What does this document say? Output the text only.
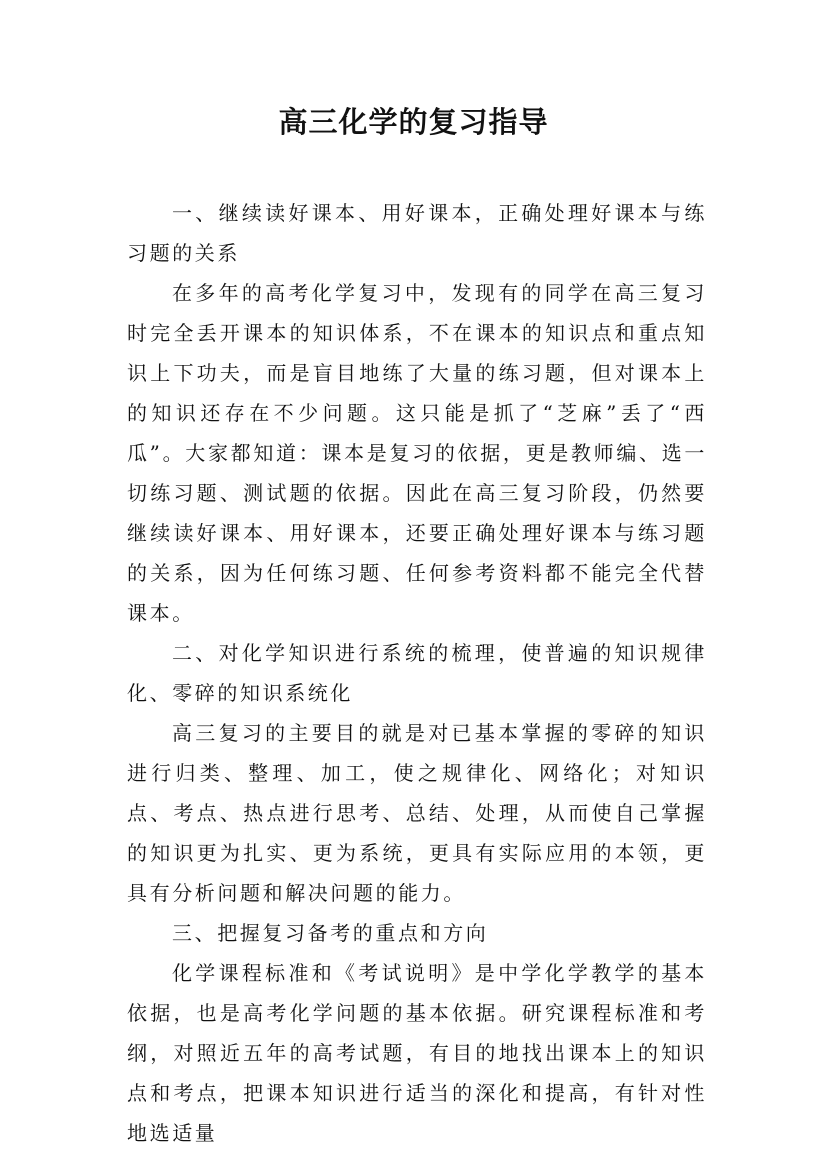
高三化学的复习指导

一、继续读好课本、用好课本，正确处理好课本与练习题的关系

在多年的高考化学复习中，发现有的同学在高三复习时完全丢开课本的知识体系，不在课本的知识点和重点知识上下功夫，而是盲目地练了大量的练习题，但对课本上的知识还存在不少问题。这只能是抓了“芝麻”丢了“西瓜”。大家都知道：课本是复习的依据，更是教师编、选一切练习题、测试题的依据。因此在高三复习阶段，仍然要继续读好课本、用好课本，还要正确处理好课本与练习题的关系，因为任何练习题、任何参考资料都不能完全代替课本。

二、对化学知识进行系统的梳理，使普遍的知识规律化、零碎的知识系统化

高三复习的主要目的就是对已基本掌握的零碎的知识进行归类、整理、加工，使之规律化、网络化；对知识点、考点、热点进行思考、总结、处理，从而使自己掌握的知识更为扎实、更为系统，更具有实际应用的本领，更具有分析问题和解决问题的能力。

三、把握复习备考的重点和方向

化学课程标准和《考试说明》是中学化学教学的基本依据，也是高考化学问题的基本依据。研究课程标准和考纲，对照近五年的高考试题，有目的地找出课本上的知识点和考点，把课本知识进行适当的深化和提高，有针对性地选适量
